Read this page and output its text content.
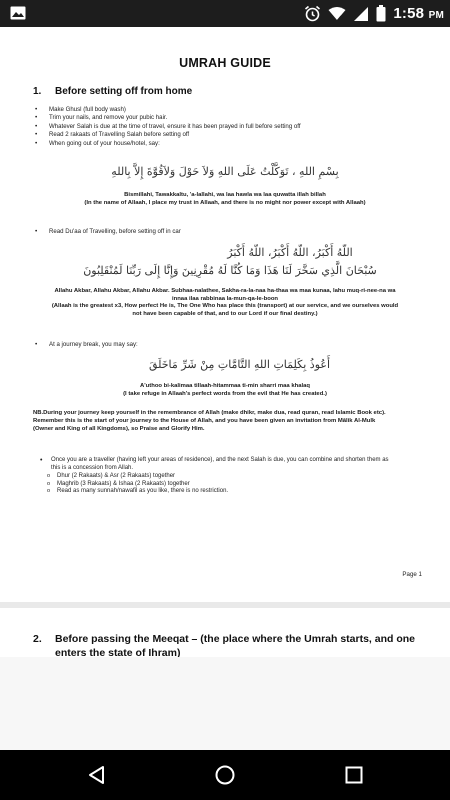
1:58 PM
UMRAH GUIDE
1. Before setting off from home
• Make Ghusl (full body wash)
• Trim your nails, and remove your pubic hair.
• Whatever Salah is due at the time of travel, ensure it has been prayed in full before setting off
• Read 2 rakaats of Travelling Salah before setting off
• When going out of your house/hotel, say:
بِسْمِ اللهِ ، تَوَكَّلْتُ عَلَى اللهِ وَلاَ حَوْلَ وَلاَقُوَّةَ إِلاَّ بِاللهِ
Bismillahi, Tawakkaltu, 'a-lallahi, wa laa hawla wa laa quwatta illah billah
(In the name of Allaah, I place my trust in Allaah, and there is no might nor power except with Allaah)
• Read Du'aa of Travelling, before setting off in car
اللّهُ أَكْبَرُ، اللّهُ أَكْبَرُ، اللّهُ أَكْبَرُ
سُبْحَانَ الَّذِي سَخَّرَ لَنَا هَذَا وَمَا كُنَّا لَهُ مُقْرِنِينَ وَإِنَّا إِلَى رَبِّنَا لَمُنْقَلِبُونَ
Allahu Akbar, Allahu Akbar, Allahu Akbar. Subhaa-nalathee, Sakha-ra-la-naa ha-thaa wa maa kunaa, lahu muq-ri-nee-na wa
innaa ilaa rabbinaa la-mun-qa-le-boon
(Allaah is the greatest x3, How perfect He is, The One Who has place this (transport) at our service, and we ourselves would
not have been capable of that, and to our Lord if our final destiny.)
• At a journey break, you may say:
أَعُوذُ بِكَلِمَاتِ اللهِ التَّامَّاتِ مِنْ شَرِّ مَاخَلَقَ
A'uthoo bi-kalimaa tillaah-hitammaa ti-min sharri maa khalaq
(I take refuge in Allaah's perfect words from the evil that He has created.)
NB.During your journey keep yourself in the remembrance of Allah (make dhikr, make dua, read quran, read Islamic Book etc).
Remember this is the start of your journey to the House of Allah, and you have been given an invitation from Mālik Al-Mulk
(Owner and King of all Kingdoms), so Praise and Glorify Him.
• Once you are a traveller (having left your areas of residence), and the next Salah is due, you can combine and shorten them as
this is a concession from Allah.
o Dhur (2 Rakaats) & Asr (2 Rakaats) together
o Maghrib (3 Rakaats) & Ishaa (2 Rakaats) together
o Read as many sunnah/nawafil as you like, there is no restriction.
Page 1
2. Before passing the Meeqat – (the place where the Umrah starts, and one
enters the state of Ihram)
